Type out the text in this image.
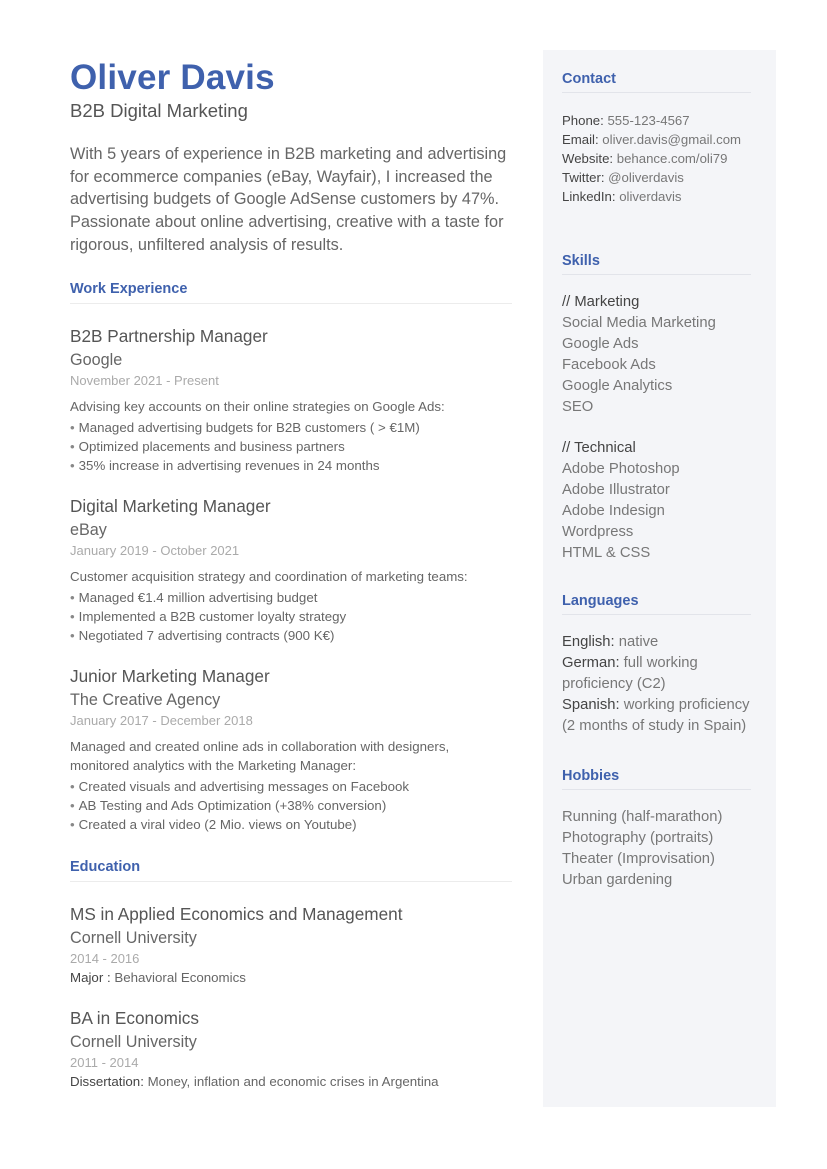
Oliver Davis
B2B Digital Marketing
With 5 years of experience in B2B marketing and advertising for ecommerce companies (eBay, Wayfair), I increased the advertising budgets of Google AdSense customers by 47%. Passionate about online advertising, creative with a taste for rigorous, unfiltered analysis of results.
Work Experience
B2B Partnership Manager
Google
November 2021 - Present
Advising key accounts on their online strategies on Google Ads:
• Managed advertising budgets for B2B customers ( > €1M)
• Optimized placements and business partners
• 35% increase in advertising revenues in 24 months
Digital Marketing Manager
eBay
January 2019 - October 2021
Customer acquisition strategy and coordination of marketing teams:
• Managed €1.4 million advertising budget
• Implemented a B2B customer loyalty strategy
• Negotiated 7 advertising contracts (900 K€)
Junior Marketing Manager
The Creative Agency
January 2017 - December 2018
Managed and created online ads in collaboration with designers, monitored analytics with the Marketing Manager:
• Created visuals and advertising messages on Facebook
• AB Testing and Ads Optimization (+38% conversion)
• Created a viral video (2 Mio. views on Youtube)
Education
MS in Applied Economics and Management
Cornell University
2014 - 2016
Major : Behavioral Economics
BA in Economics
Cornell University
2011 - 2014
Dissertation: Money, inflation and economic crises in Argentina
Contact
Phone: 555-123-4567
Email: oliver.davis@gmail.com
Website: behance.com/oli79
Twitter: @oliverdavis
LinkedIn: oliverdavis
Skills
// Marketing
Social Media Marketing
Google Ads
Facebook Ads
Google Analytics
SEO
// Technical
Adobe Photoshop
Adobe Illustrator
Adobe Indesign
Wordpress
HTML & CSS
Languages
English: native
German: full working proficiency (C2)
Spanish: working proficiency (2 months of study in Spain)
Hobbies
Running (half-marathon)
Photography (portraits)
Theater (Improvisation)
Urban gardening
